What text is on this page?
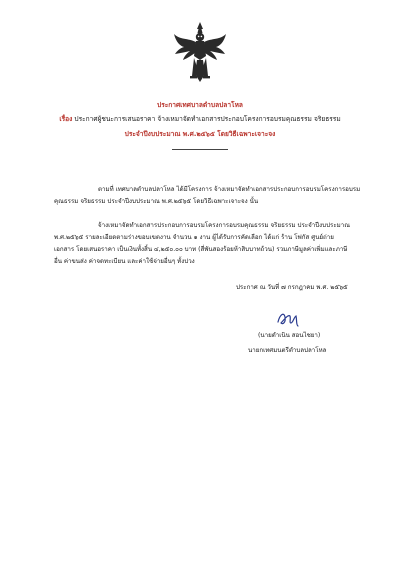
ประกาศเทศบาลตำบลปลาโหล
เรื่อง ประกาศผู้ชนะการเสนอราคา จ้างเหมาจัดทำเอกสารประกอบโครงการอบรมคุณธรรม จริยธรรม
ประจำปีงบประมาณ พ.ศ.๒๕๖๕ โดยวิธีเฉพาะเจาะจง
ตามที่ เทศบาลตำบลปลาโหล ได้มีโครงการ จ้างเหมาจัดทำเอกสารประกอบการอบรมโครงการอบรม
คุณธรรม จริยธรรม ประจำปีงบประมาณ พ.ศ.๒๕๖๕ โดยวิธีเฉพาะเจาะจง นั้น
จ้างเหมาจัดทำเอกสารประกอบการอบรมโครงการอบรมคุณธรรม จริยธรรม ประจำปีงบประมาณ
พ.ศ.๒๕๖๕ รายละเอียดตามร่างขอบเขตงาน จำนวน ๑ งาน ผู้ได้รับการคัดเลือก ได้แก่ ร้าน โฟกัส ศูนย์ถ่าย
เอกสาร โดยเสนอราคา เป็นเงินทั้งสิ้น ๔,๒๕๐.๐๐ บาท (สี่พันสองร้อยห้าสิบบาทถ้วน) รวมภาษีมูลค่าเพิ่มและภาษี
อื่น ค่าขนส่ง ค่าจดทะเบียน และค่าใช้จ่ายอื่นๆ ทั้งปวง
ประกาศ ณ วันที่ ๗ กรกฎาคม พ.ศ. ๒๕๖๕
(นายดำเนิน สอนไชยา)
นายกเทศมนตรีตำบลปลาโหล
